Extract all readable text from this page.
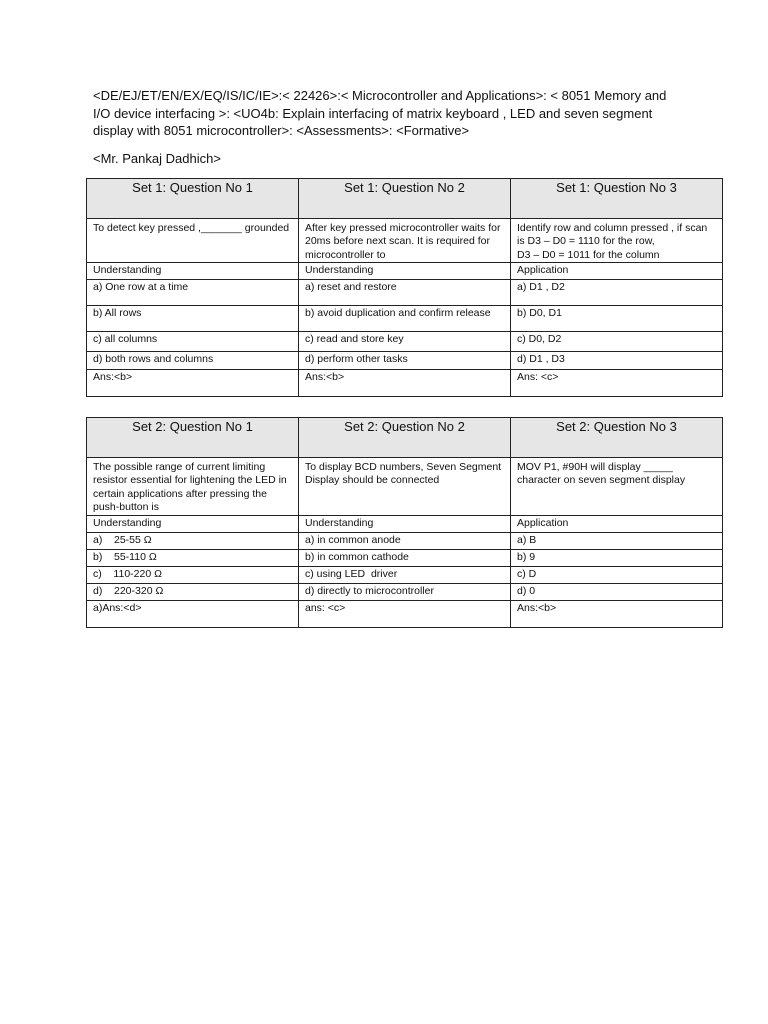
<DE/EJ/ET/EN/EX/EQ/IS/IC/IE>:< 22426>:< Microcontroller and Applications>: < 8051 Memory and
I/O device interfacing >: <UO4b: Explain interfacing of matrix keyboard , LED and seven segment
display with 8051 microcontroller>: <Assessments>: <Formative>
<Mr. Pankaj Dadhich>
Set 1: Question No 1	Set 1: Question No 2	Set 1: Question No 3
To detect key pressed ,_______ grounded	After key pressed microcontroller waits for 20ms before next scan. It is required for microcontroller to	Identify row and column pressed , if scan is D3 – D0 = 1110 for the row,
D3 – D0 = 1011 for the column
Understanding	Understanding	Application
a) One row at a time	a) reset and restore	a) D1 , D2
b) All rows	b) avoid duplication and confirm release	b) D0, D1
c) all columns	c) read and store key	c) D0, D2
d) both rows and columns	d) perform other tasks	d) D1 , D3
Ans:<b>	Ans:<b>	Ans: <c>
Set 2: Question No 1	Set 2: Question No 2	Set 2: Question No 3
The possible range of current limiting resistor essential for lightening the LED in certain applications after pressing the push-button is	To display BCD numbers, Seven Segment Display should be connected	MOV P1, #90H will display _____ character on seven segment display
Understanding	Understanding	Application
a)    25-55 Ω	a) in common anode	a) B
b)    55-110 Ω	b) in common cathode	b) 9
c)    110-220 Ω	c) using LED  driver	c) D
d)    220-320 Ω	d) directly to microcontroller	d) 0
a)Ans:<d>	ans: <c>	Ans:<b>
